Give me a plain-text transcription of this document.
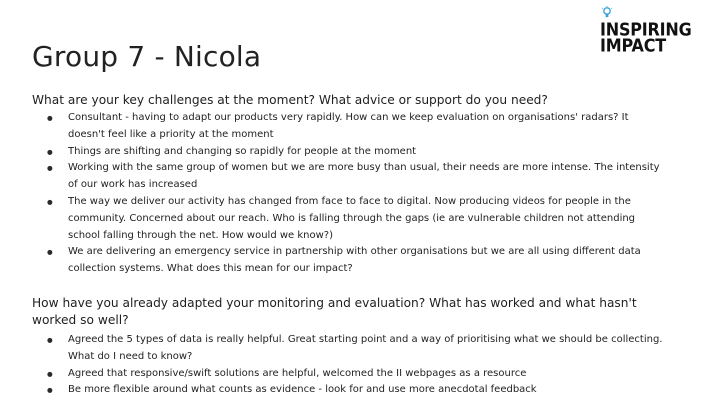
Group 7 - Nicola
INSPIRING
IMPACT

What are your key challenges at the moment? What advice or support do you need?

● Consultant - having to adapt our products very rapidly. How can we keep evaluation on organisations' radars? It doesn't feel like a priority at the moment
● Things are shifting and changing so rapidly for people at the moment
● Working with the same group of women but we are more busy than usual, their needs are more intense. The intensity of our work has increased
● The way we deliver our activity has changed from face to face to digital. Now producing videos for people in the community. Concerned about our reach. Who is falling through the gaps (ie are vulnerable children not attending school falling through the net. How would we know?)
● We are delivering an emergency service in partnership with other organisations but we are all using different data collection systems. What does this mean for our impact?

How have you already adapted your monitoring and evaluation? What has worked and what hasn't worked so well?

● Agreed the 5 types of data is really helpful. Great starting point and a way of prioritising what we should be collecting. What do I need to know?
● Agreed that responsive/swift solutions are helpful, welcomed the II webpages as a resource
● Be more flexible around what counts as evidence - look for and use more anecdotal feedback
